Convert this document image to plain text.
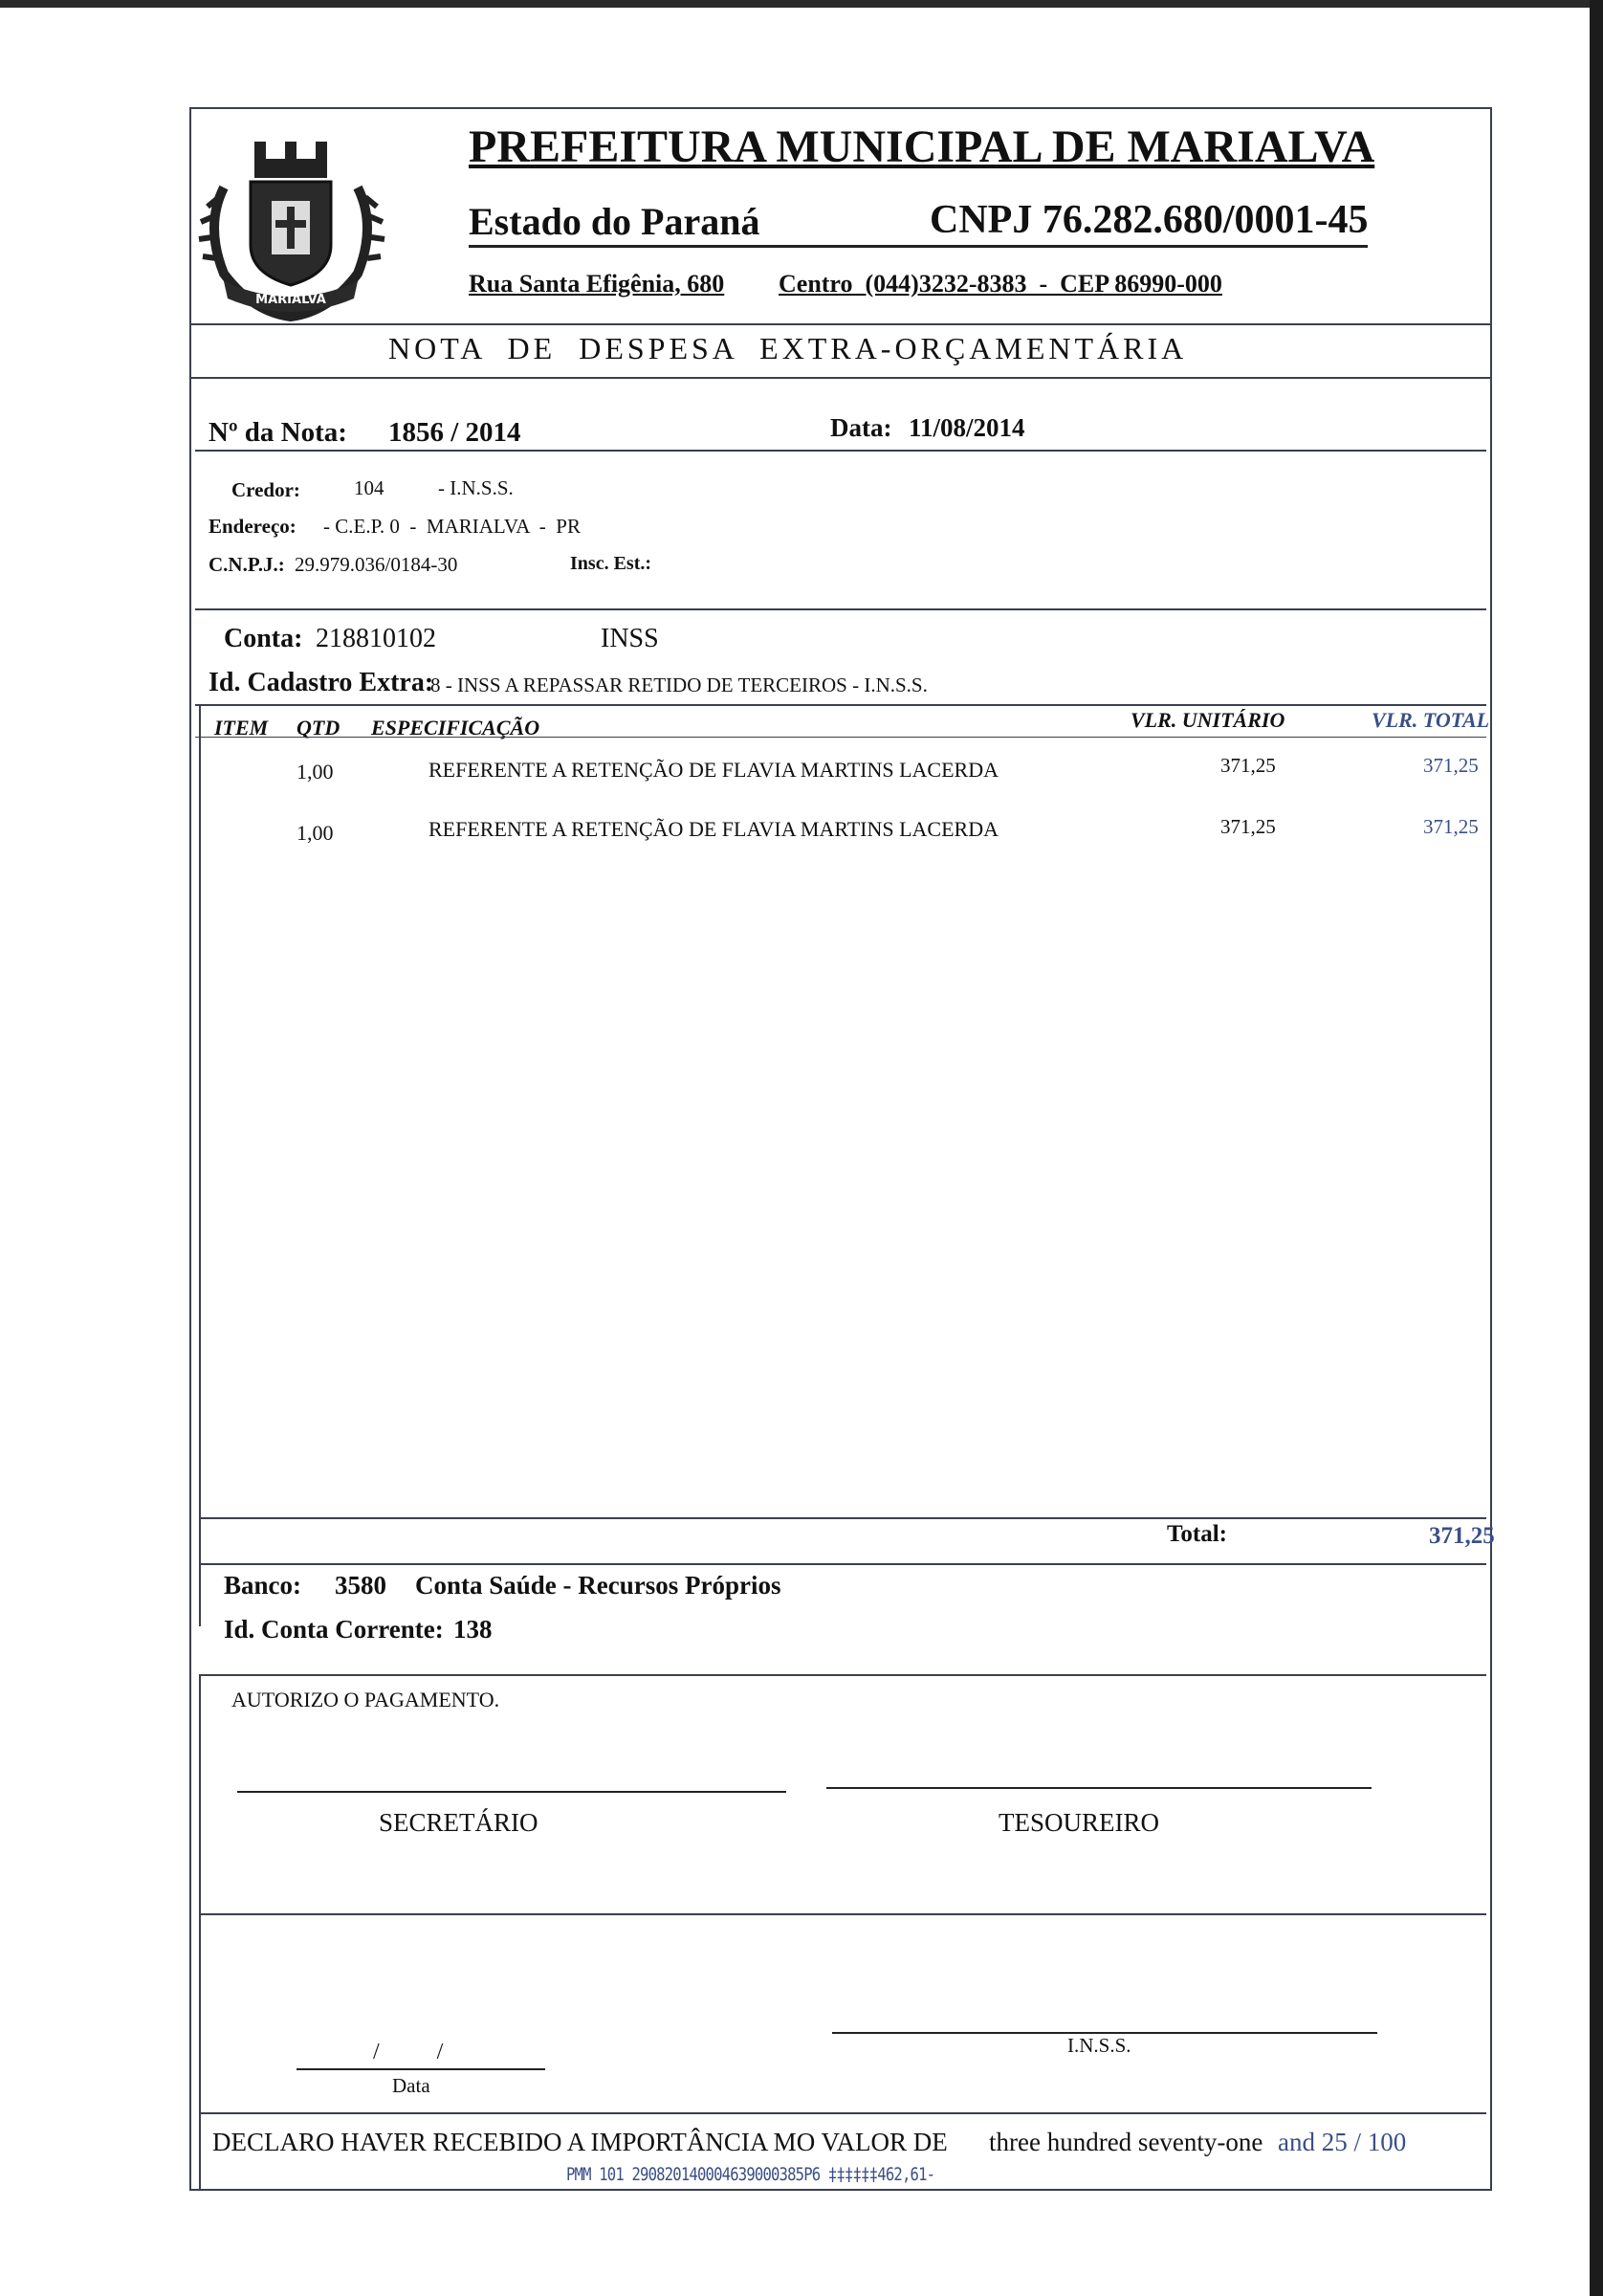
MARIALVA
PREFEITURA MUNICIPAL DE MARIALVA
Estado do Paraná	CNPJ 76.282.680/0001-45
Rua Santa Efigênia, 680 Centro  (044)3232-8383  -  CEP 86990-000
NOTA  DE  DESPESA  EXTRA-ORÇAMENTÁRIA
Nº da Nota: 1856 / 2014	Data: 11/08/2014
Credor:	104	- I.N.S.S.
Endereço: - C.E.P. 0  -  MARIALVA  -  PR
C.N.P.J.: 29.979.036/0184-30	Insc. Est.:
Conta: 218810102	INSS
Id. Cadastro Extra:
8 - INSS A REPASSAR RETIDO DE TERCEIROS - I.N.S.S.
ITEM QTD ESPECIFICAÇÃO	VLR. UNITÁRIO	VLR. TOTAL
1,00	REFERENTE A RETENÇÃO DE FLAVIA MARTINS LACERDA	371,25	371,25
1,00	REFERENTE A RETENÇÃO DE FLAVIA MARTINS LACERDA	371,25	371,25
Total:	371,25
Banco: 3580 Conta Saúde - Recursos Próprios
Id. Conta Corrente: 138
AUTORIZO O PAGAMENTO.
SECRETÁRIO	TESOUREIRO
/          /
Data
I.N.S.S.
DECLARO HAVER RECEBIDO A IMPORTÂNCIA MO VALOR DE three hundred seventy-one and 25 / 100
PMM 101 290820140004639000385P6 ‡‡‡‡‡‡462,61-
